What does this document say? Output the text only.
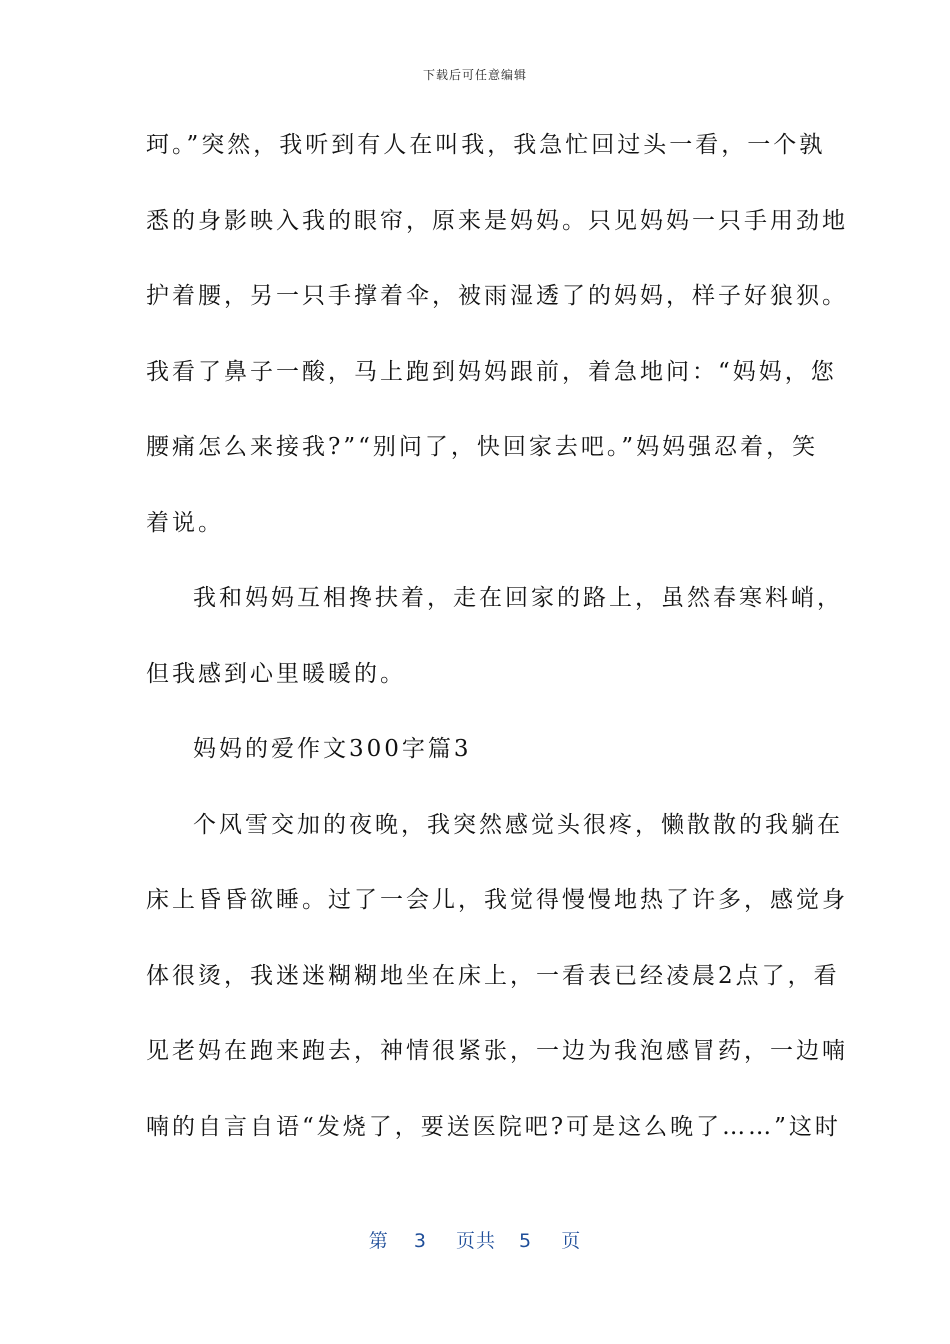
下载后可任意编辑
珂。”突然，我听到有人在叫我，我急忙回过头一看，一个孰
悉的身影映入我的眼帘，原来是妈妈。只见妈妈一只手用劲地
护着腰，另一只手撑着伞，被雨湿透了的妈妈，样子好狼狈。
我看了鼻子一酸，马上跑到妈妈跟前，着急地问：“妈妈，您
腰痛怎么来接我?”“别问了，快回家去吧。”妈妈强忍着，笑
着说。
我和妈妈互相搀扶着，走在回家的路上，虽然春寒料峭，
但我感到心里暖暖的。
妈妈的爱作文300字篇3
个风雪交加的夜晚，我突然感觉头很疼，懒散散的我躺在
床上昏昏欲睡。过了一会儿，我觉得慢慢地热了许多，感觉身
体很烫，我迷迷糊糊地坐在床上，一看表已经凌晨2点了，看
见老妈在跑来跑去，神情很紧张，一边为我泡感冒药，一边喃
喃的自言自语“发烧了，要送医院吧?可是这么晚了……”这时
第 3 页共 5 页
